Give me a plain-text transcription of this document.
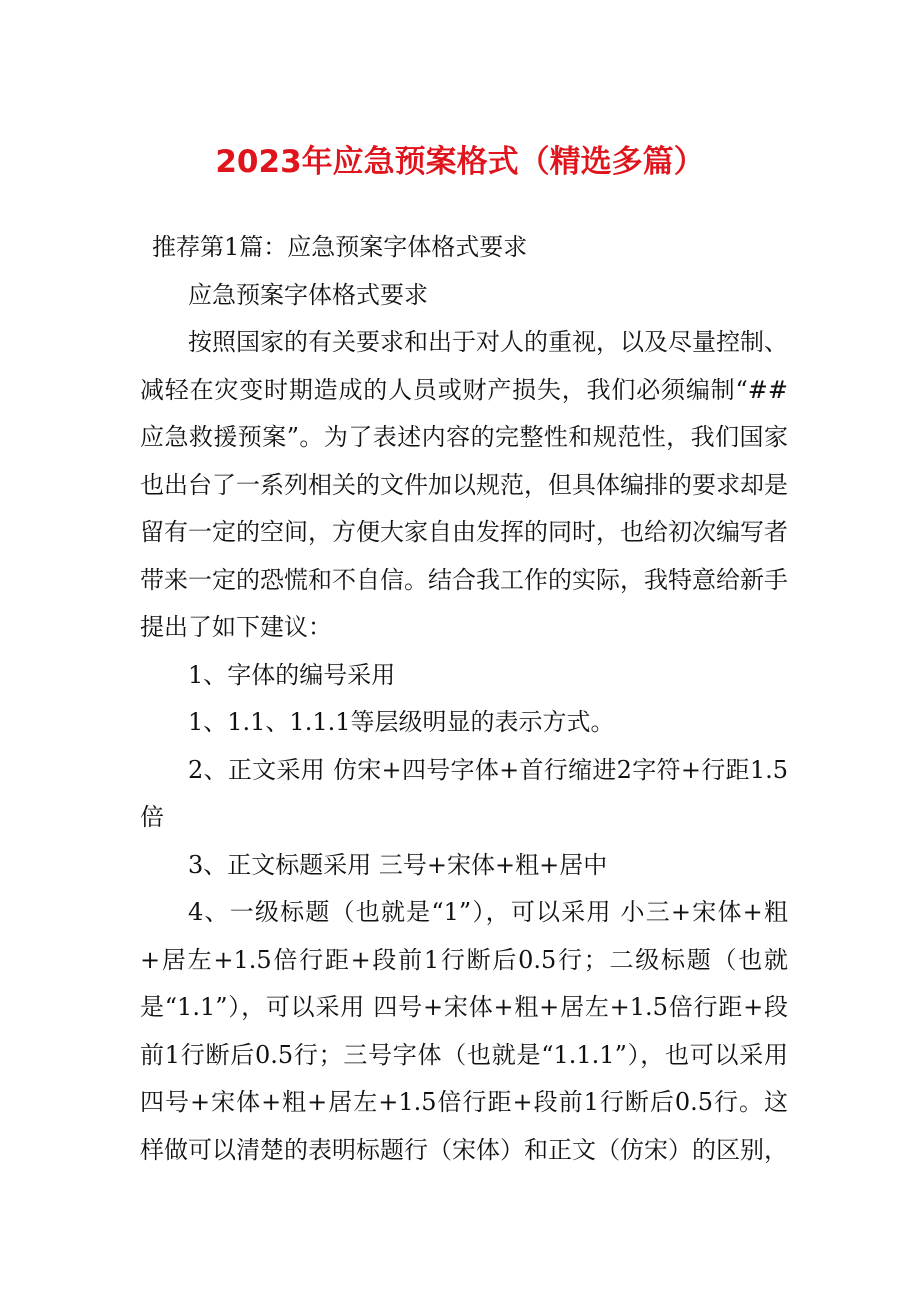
2023年应急预案格式（精选多篇）

推荐第1篇：应急预案字体格式要求

应急预案字体格式要求

按照国家的有关要求和出于对人的重视，以及尽量控制、减轻在灾变时期造成的人员或财产损失，我们必须编制“##应急救援预案”。为了表述内容的完整性和规范性，我们国家也出台了一系列相关的文件加以规范，但具体编排的要求却是留有一定的空间，方便大家自由发挥的同时，也给初次编写者带来一定的恐慌和不自信。结合我工作的实际，我特意给新手提出了如下建议：

1、字体的编号采用

1、1.1、1.1.1等层级明显的表示方式。

2、正文采用 仿宋+四号字体+首行缩进2字符+行距1.5倍

3、正文标题采用 三号+宋体+粗+居中

4、一级标题（也就是“1”），可以采用 小三+宋体+粗+居左+1.5倍行距+段前1行断后0.5行；二级标题（也就是“1.1”），可以采用 四号+宋体+粗+居左+1.5倍行距+段前1行断后0.5行；三号字体（也就是“1.1.1”），也可以采用 四号+宋体+粗+居左+1.5倍行距+段前1行断后0.5行。这样做可以清楚的表明标题行（宋体）和正文（仿宋）的区别，
